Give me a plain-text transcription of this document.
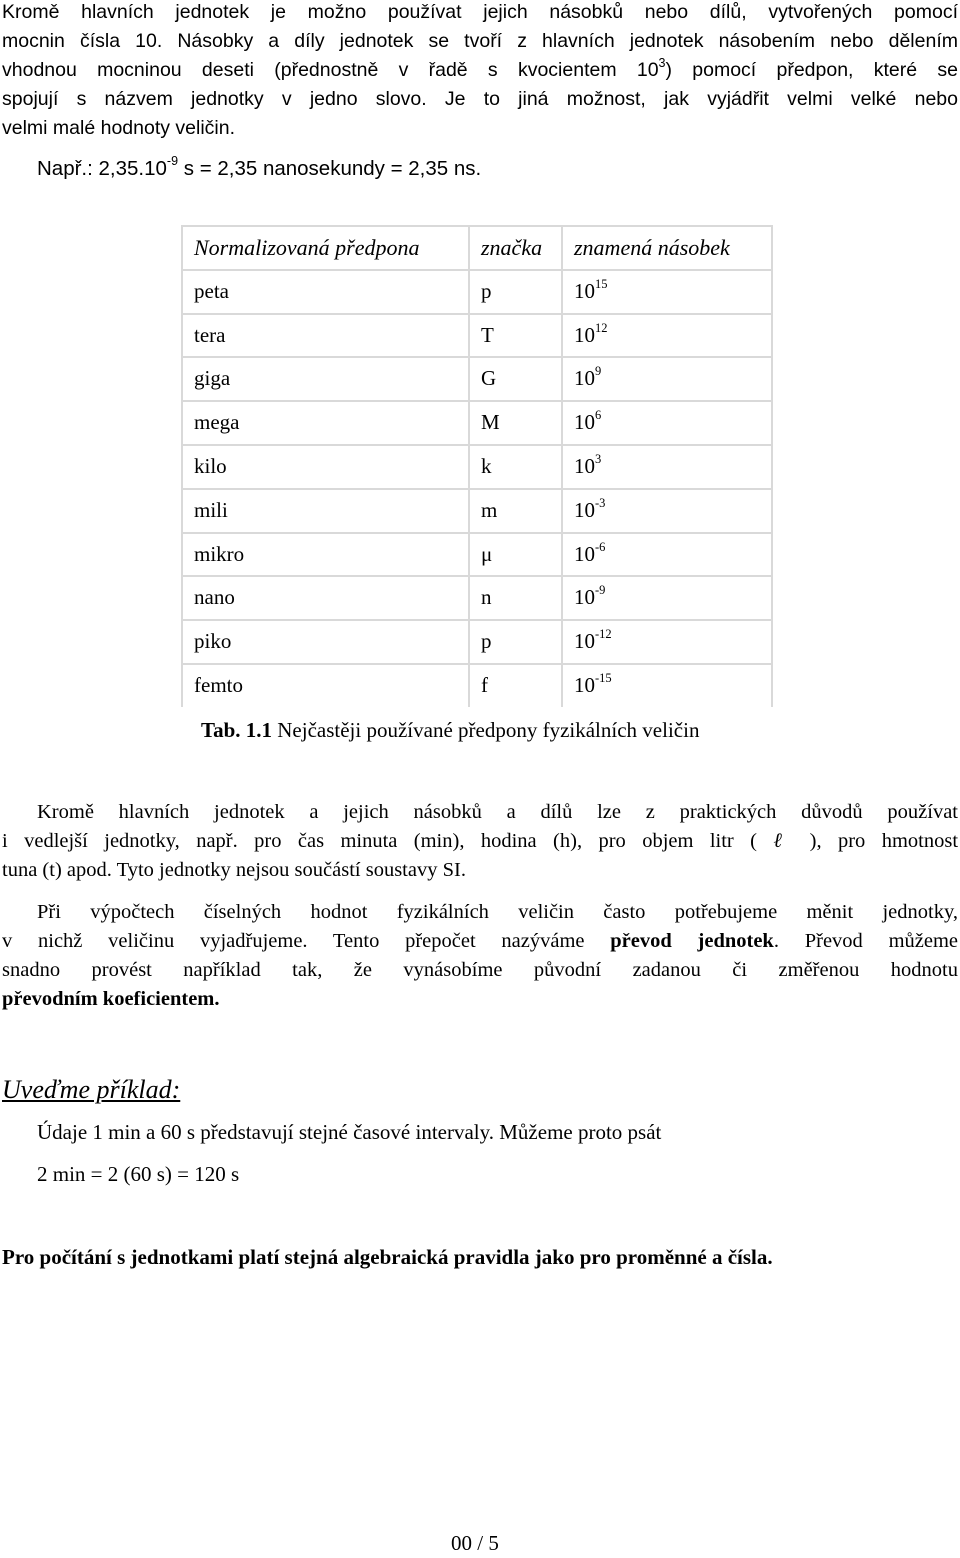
Kromě hlavních jednotek je možno používat jejich násobků nebo dílů, vytvořených pomocí
mocnin čísla 10. Násobky a díly jednotek se tvoří z hlavních jednotek násobením nebo dělením
vhodnou mocninou deseti (přednostně v řadě s kvocientem $10^3$) pomocí předpon, které se
spojují s názvem jednotky v jedno slovo. Je to jiná možnost, jak vyjádřit velmi velké nebo
velmi malé hodnoty veličin.

Např.: $2,35.10^{-9}$ s = 2,35 nanosekundy = 2,35 ns.

Normalizovaná předpona	značka	znamená násobek
peta	p	$10^{15}$
tera	T	$10^{12}$
giga	G	$10^9$
mega	M	$10^6$
kilo	k	$10^3$
mili	m	$10^{-3}$
mikro	μ	$10^{-6}$
nano	n	$10^{-9}$
piko	p	$10^{-12}$
femto	f	$10^{-15}$

Tab. 1.1 Nejčastěji používané předpony fyzikálních veličin

Kromě hlavních jednotek a jejich násobků a dílů lze z praktických důvodů používat
i vedlejší jednotky, např. pro čas minuta (min), hodina (h), pro objem litr ( ℓ ), pro hmotnost
tuna (t) apod. Tyto jednotky nejsou součástí soustavy SI.

Při výpočtech číselných hodnot fyzikálních veličin často potřebujeme měnit jednotky,
v nichž veličinu vyjadřujeme. Tento přepočet nazýváme převod jednotek. Převod můžeme
snadno provést například tak, že vynásobíme původní zadanou či změřenou hodnotu
převodním koeficientem.

Uveďme příklad:

Údaje 1 min a 60 s představují stejné časové intervaly. Můžeme proto psát

2 min = 2 (60 s) = 120 s

Pro počítání s jednotkami platí stejná algebraická pravidla jako pro proměnné a čísla.

00 / 5
